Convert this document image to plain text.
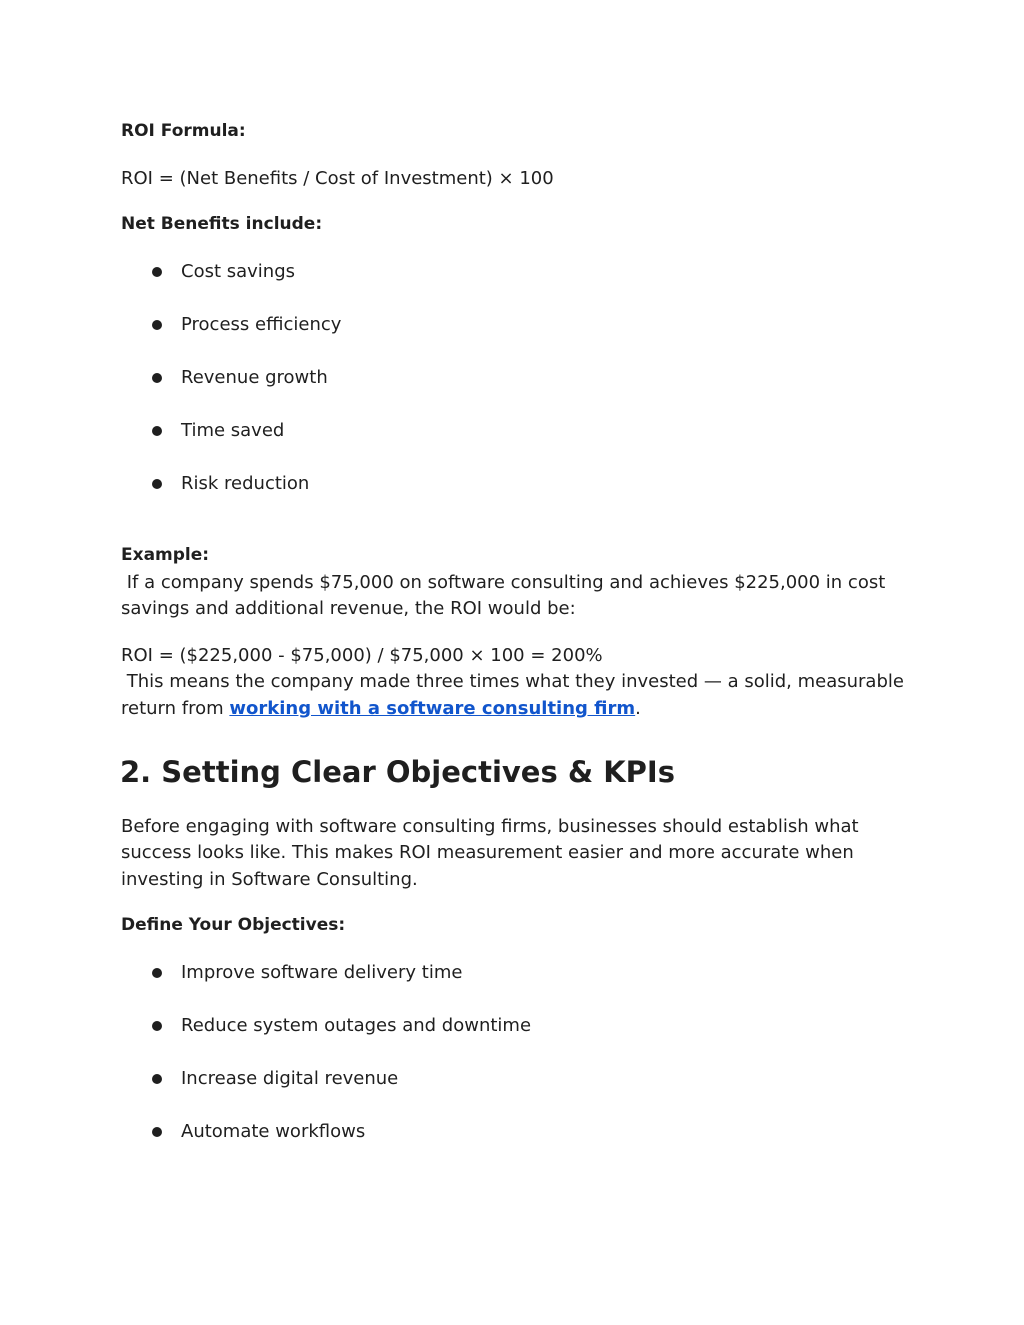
ROI Formula:

ROI = (Net Benefits / Cost of Investment) × 100

Net Benefits include:

Cost savings
Process efficiency
Revenue growth
Time saved
Risk reduction

Example:

If a company spends $75,000 on software consulting and achieves $225,000 in cost

savings and additional revenue, the ROI would be:

ROI = ($225,000 - $75,000) / $75,000 × 100 = 200%

This means the company made three times what they invested — a solid, measurable

return from working with a software consulting firm.

2. Setting Clear Objectives & KPIs

Before engaging with software consulting firms, businesses should establish what

success looks like. This makes ROI measurement easier and more accurate when

investing in Software Consulting.

Define Your Objectives:

Improve software delivery time
Reduce system outages and downtime
Increase digital revenue
Automate workflows
